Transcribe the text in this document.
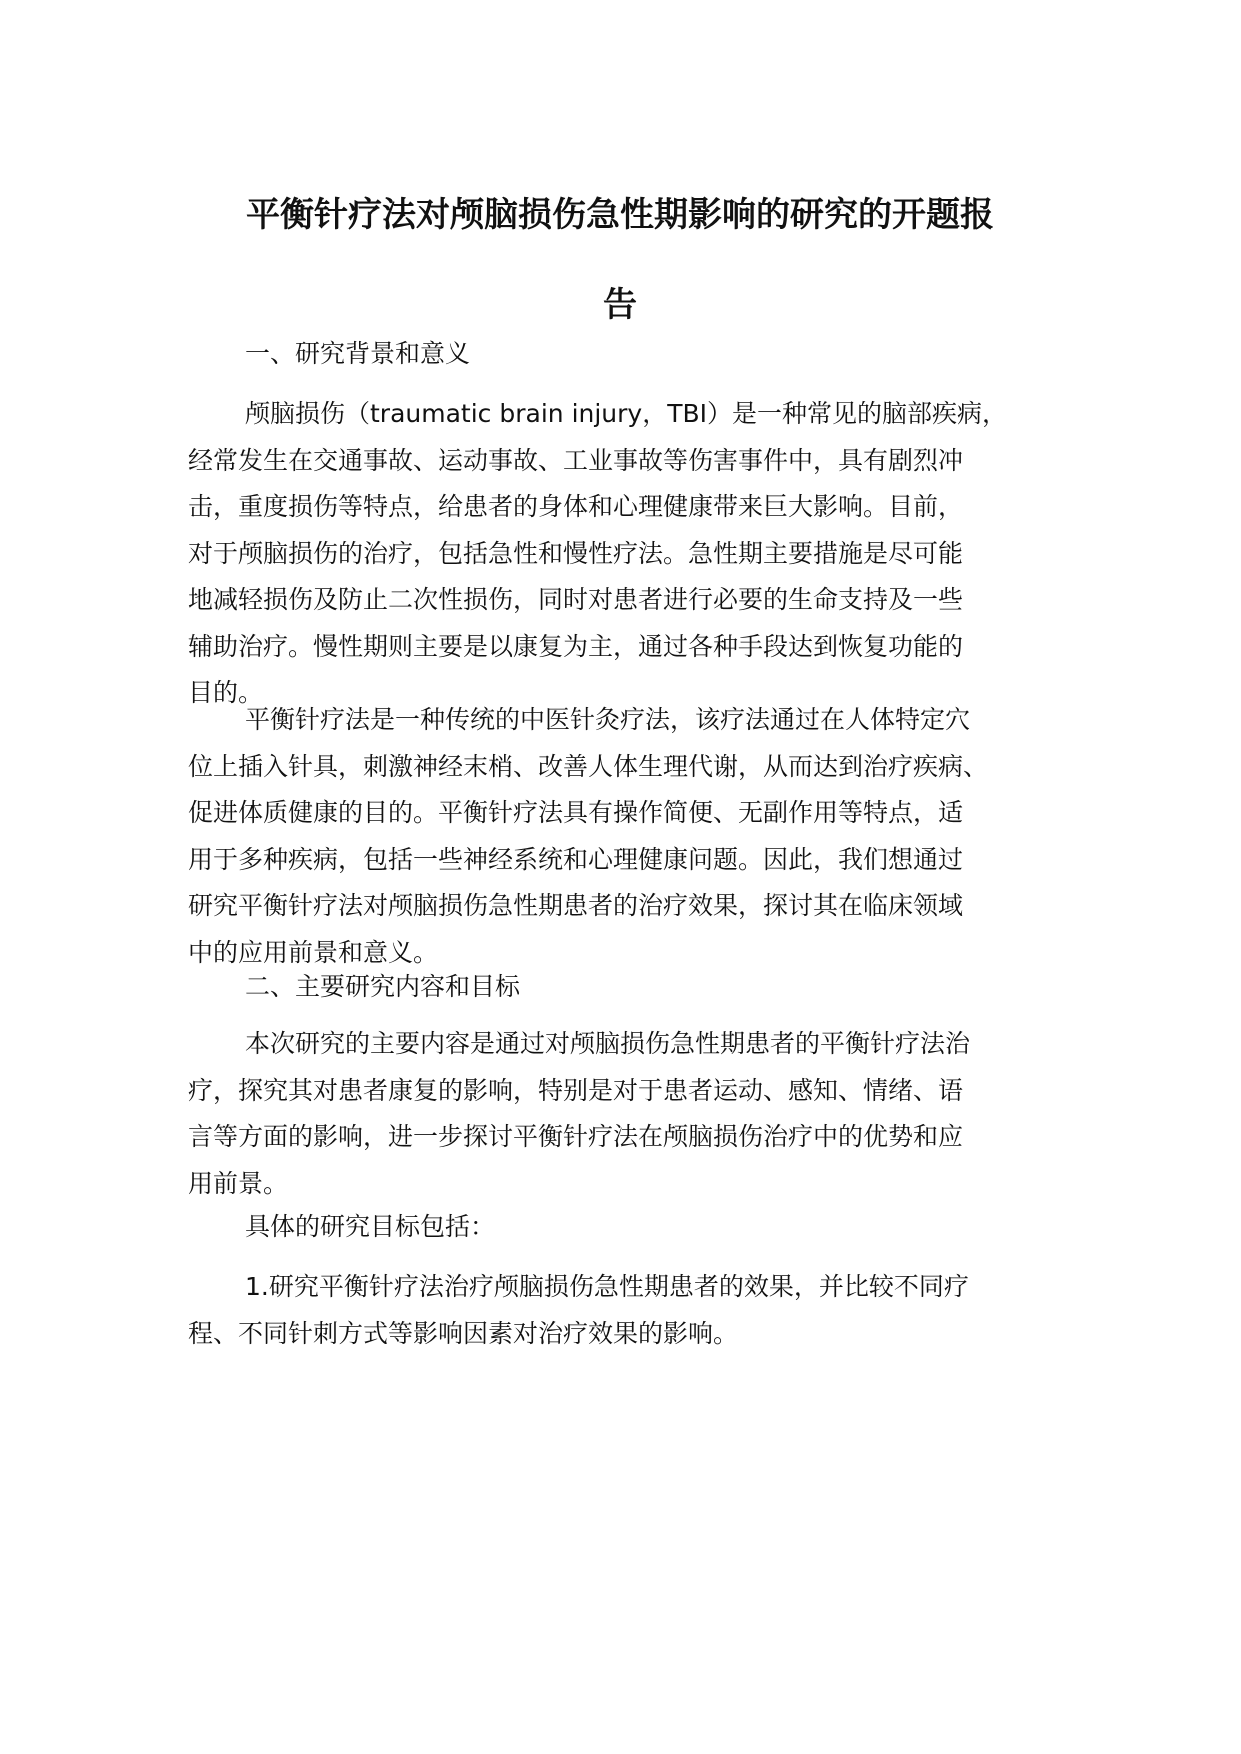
平衡针疗法对颅脑损伤急性期影响的研究的开题报
告
一、研究背景和意义

颅脑损伤（traumatic brain injury，TBI）是一种常见的脑部疾病，
经常发生在交通事故、运动事故、工业事故等伤害事件中，具有剧烈冲
击，重度损伤等特点，给患者的身体和心理健康带来巨大影响。目前，
对于颅脑损伤的治疗，包括急性和慢性疗法。急性期主要措施是尽可能
地减轻损伤及防止二次性损伤，同时对患者进行必要的生命支持及一些
辅助治疗。慢性期则主要是以康复为主，通过各种手段达到恢复功能的
目的。

平衡针疗法是一种传统的中医针灸疗法，该疗法通过在人体特定穴
位上插入针具，刺激神经末梢、改善人体生理代谢，从而达到治疗疾病、
促进体质健康的目的。平衡针疗法具有操作简便、无副作用等特点，适
用于多种疾病，包括一些神经系统和心理健康问题。因此，我们想通过
研究平衡针疗法对颅脑损伤急性期患者的治疗效果，探讨其在临床领域
中的应用前景和意义。

二、主要研究内容和目标

本次研究的主要内容是通过对颅脑损伤急性期患者的平衡针疗法治
疗，探究其对患者康复的影响，特别是对于患者运动、感知、情绪、语
言等方面的影响，进一步探讨平衡针疗法在颅脑损伤治疗中的优势和应
用前景。

具体的研究目标包括：

1.研究平衡针疗法治疗颅脑损伤急性期患者的效果，并比较不同疗
程、不同针刺方式等影响因素对治疗效果的影响。
